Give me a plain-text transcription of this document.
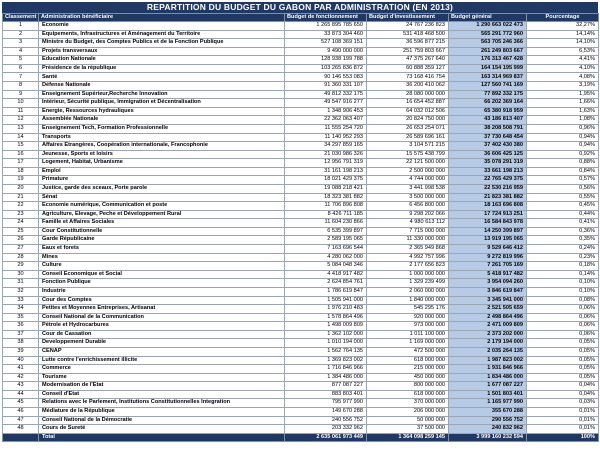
REPARTITION DU BUDGET DU GABON PAR ADMINISTRATION (EN 2013)
Classement	Administration bénéficiaire	Budget de fonctionnement	Budget d'investissement	Budget général	Pourcentage
1	Economie	1 265 895 785 650	24 767 236 823	1 290 663 022 473	32,27%
2	Equipements, Infrastructures et Aménagement du Territoire	33 873 304 460	531 418 468 500	565 291 772 960	14,14%
3	Ministre du Budget, des Comptes Publics et de la Fonction Publique	527 108 369 151	36 596 877 215	563 705 246 366	14,10%
4	Projets transversaux	9 490 000 000	251 759 803 667	261 249 803 667	6,53%
5	Education Nationale	128 938 199 788	47 375 267 640	176 313 467 428	4,41%
6	Présidence de la république	103 265 836 872	60 888 359 127	164 154 195 999	4,10%
7	Santé	90 146 553 083	73 168 416 754	163 314 969 837	4,08%
8	Défense Nationale	91 360 331 107	36 200 410 062	127 560 741 169	3,19%
9	Enseignement Supérieur,Recherche Innovation	49 812 332 175	28 080 000 000	77 892 332 175	1,95%
10	Intérieur, Sécurité publique, Immigration et Décentralisation	49 547 916 277	16 654 452 887	66 202 369 164	1,66%
11	Energie, Ressources hydrauliques	1 348 906 453	64 032 012 506	65 380 918 959	1,63%
12	Assemblée Nationale	22 362 063 407	20 824 750 000	43 186 813 407	1,08%
13	Enseignement Tech, Formation Professionnelle	11 555 254 720	26 653 254 071	38 208 508 791	0,96%
14	Transports	11 140 952 293	26 589 696 161	37 730 648 454	0,94%
15	Affaires Etrangères, Coopération internationale, Francophonie	34 297 859 165	3 104 571 215	37 402 430 380	0,94%
16	Jeunesse, Sports et loisirs	21 030 986 326	15 575 438 799	36 606 425 125	0,92%
17	Logement, Habitat, Urbanisme	12 956 791 319	22 121 500 000	35 078 291 319	0,88%
18	Emploi	31 161 198 213	2 500 000 000	33 661 198 213	0,84%
19	Primature	18 021 429 375	4 744 000 000	22 765 429 375	0,57%
20	Justice, garde des sceaux, Porte parole	19 088 218 421	3 441 998 538	22 530 216 959	0,56%
21	Sénat	18 323 381 882	3 500 000 000	21 823 381 882	0,55%
22	Economie numérique, Communication et poste	11 706 896 808	6 456 800 000	18 163 696 808	0,45%
23	Agriculture, Elevage, Peche et Développement Rural	8 426 711 185	9 298 202 066	17 724 913 251	0,44%
24	Famille et Affaires Sociales	11 604 230 866	4 980 613 112	16 584 843 978	0,41%
25	Cour Constitutionnelle	6 535 399 897	7 715 000 000	14 250 399 897	0,36%
26	Garde Républicaine	2 589 195 065	11 330 000 000	13 919 195 065	0,35%
27	Eaux et forets	7 163 696 544	2 365 949 868	9 529 646 412	0,24%
28	Mines	4 280 062 000	4 992 757 996	9 272 819 996	0,23%
29	Culture	5 084 048 346	2 177 656 823	7 261 705 169	0,18%
30	Conseil Economique et Social	4 418 917 482	1 000 000 000	5 418 917 482	0,14%
31	Fonction Publique	2 624 854 761	1 329 239 499	3 954 094 260	0,10%
32	Industrie	1 786 619 847	2 060 000 000	3 846 619 847	0,10%
33	Cour des Comptes	1 505 941 000	1 840 000 000	3 345 941 000	0,08%
34	Petites et Moyennes Entreprises, Artisanat	1 976 210 483	545 295 176	2 521 505 659	0,06%
35	Conseil National de la Communication	1 578 864 496	920 000 000	2 498 864 496	0,06%
36	Pétrole et Hydrocarbures	1 498 009 809	973 000 000	2 471 009 809	0,06%
37	Cour de Cassation	1 362 102 000	1 011 100 000	2 373 202 000	0,06%
38	Developpement Durable	1 010 194 000	1 169 000 000	2 179 194 000	0,05%
39	CENAP	1 562 764 135	472 500 000	2 035 264 135	0,05%
40	Lutte contre l'enrichissement illicite	1 369 823 002	618 000 000	1 987 823 002	0,05%
41	Commerce	1 716 846 966	215 000 000	1 931 846 966	0,05%
42	Tourisme	1 384 486 000	450 000 000	1 834 486 000	0,05%
43	Modernisation de l'Etat	877 087 227	800 000 000	1 677 087 227	0,04%
44	Conseil d'Etat	883 803 401	618 000 000	1 501 803 401	0,04%
45	Relations avec le Parlement, Institutions Constitutionnelles Integration	795 977 990	370 000 000	1 165 977 990	0,03%
46	Médiature de la République	149 670 288	206 000 000	355 670 288	0,01%
47	Conseil National de la Démocratie	240 556 752	50 000 000	290 556 752	0,01%
48	Cours de Sureté	203 332 962	37 500 000	240 832 962	0,01%
	Total	2 635 061 973 449	1 364 098 259 145	3 999 160 232 594	100%
